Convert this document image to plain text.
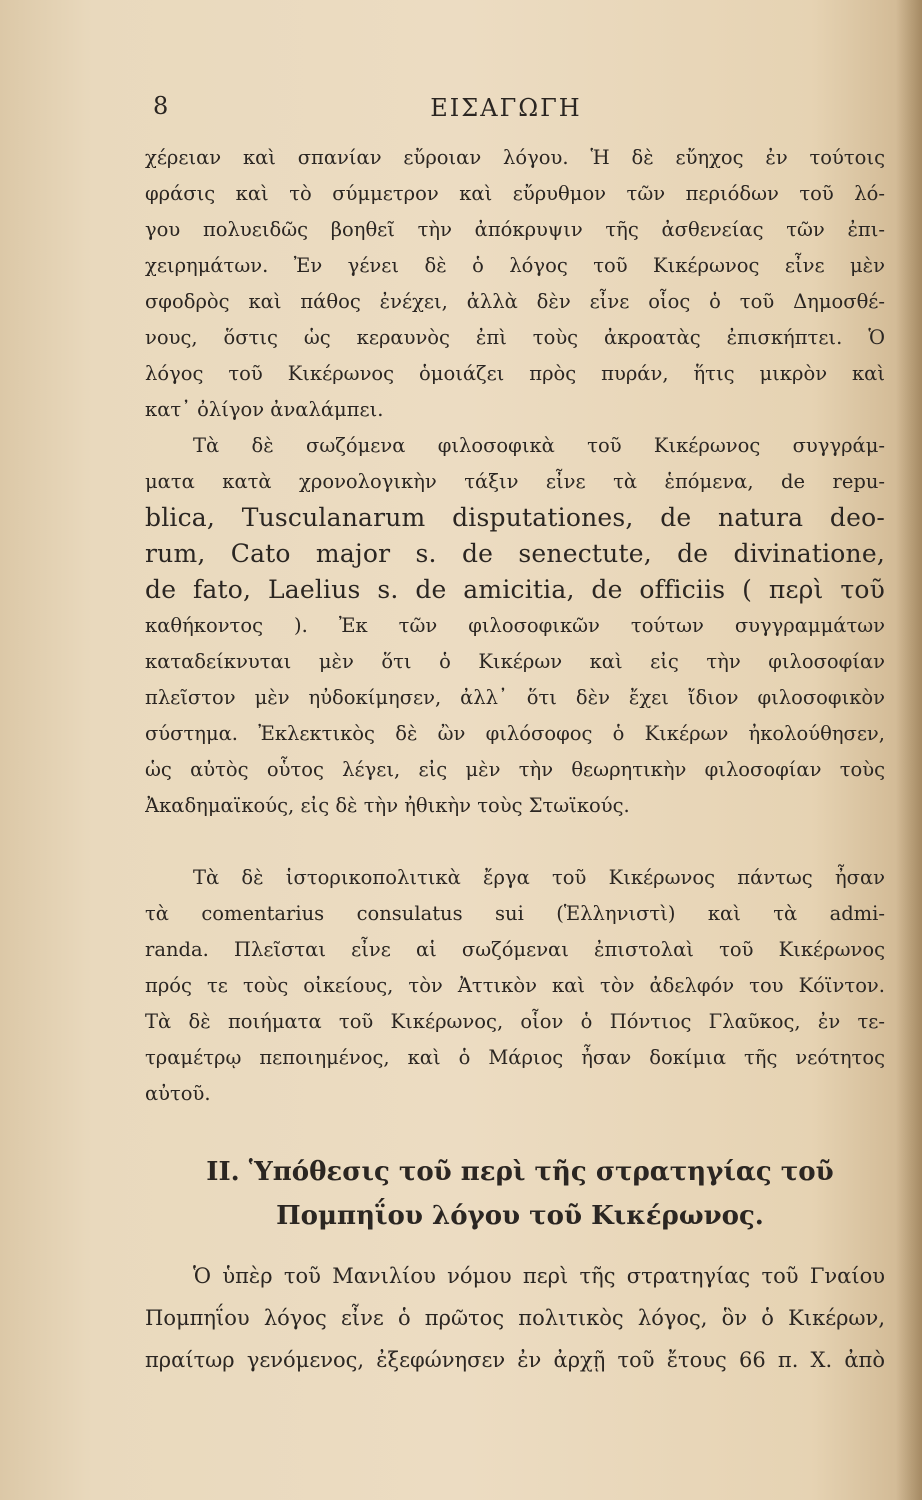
8	ΕΙΣΑΓΩΓΗ
χέρειαν καὶ σπανίαν εὔροιαν λόγου. Ἡ δὲ εὔηχος ἐν τούτοις
φράσις καὶ τὸ σύμμετρον καὶ εὔρυθμον τῶν περιόδων τοῦ λό-
γου πολυειδῶς βοηθεῖ τὴν ἀπόκρυψιν τῆς ἀσθενείας τῶν ἐπι-
χειρημάτων. Ἐν γένει δὲ ὁ λόγος τοῦ Κικέρωνος εἶνε μὲν
σφοδρὸς καὶ πάθος ἐνέχει, ἀλλὰ δὲν εἶνε οἷος ὁ τοῦ Δημοσθέ-
νους, ὅστις ὡς κεραυνὸς ἐπὶ τοὺς ἀκροατὰς ἐπισκήπτει. Ὁ
λόγος τοῦ Κικέρωνος ὁμοιάζει πρὸς πυράν, ἥτις μικρὸν καὶ
κατ᾽ ὀλίγον ἀναλάμπει.
Τὰ δὲ σωζόμενα φιλοσοφικὰ τοῦ Κικέρωνος συγγράμ-
ματα κατὰ χρονολογικὴν τάξιν εἶνε τὰ ἑπόμενα, de repu-
blica, Tusculanarum disputationes, de natura deo-
rum, Cato major s. de senectute, de divinatione,
de fato, Laelius s. de amicitia, de officiis ( περὶ τοῦ
καθήκοντος ). Ἐκ τῶν φιλοσοφικῶν τούτων συγγραμμάτων
καταδείκνυται μὲν ὅτι ὁ Κικέρων καὶ εἰς τὴν φιλοσοφίαν
πλεῖστον μὲν ηὐδοκίμησεν, ἀλλ᾽ ὅτι δὲν ἔχει ἴδιον φιλοσοφικὸν
σύστημα. Ἐκλεκτικὸς δὲ ὢν φιλόσοφος ὁ Κικέρων ἠκολούθησεν,
ὡς αὐτὸς οὗτος λέγει, εἰς μὲν τὴν θεωρητικὴν φιλοσοφίαν τοὺς
Ἀκαδημαϊκούς, εἰς δὲ τὴν ἠθικὴν τοὺς Στωϊκούς.
Τὰ δὲ ἱστορικοπολιτικὰ ἔργα τοῦ Κικέρωνος πάντως ἦσαν
τὰ comentarius consulatus sui (Ἑλληνιστὶ) καὶ τὰ admi-
randa. Πλεῖσται εἶνε αἱ σωζόμεναι ἐπιστολαὶ τοῦ Κικέρωνος
πρός τε τοὺς οἰκείους, τὸν Ἀττικὸν καὶ τὸν ἀδελφόν του Κόϊντον.
Τὰ δὲ ποιήματα τοῦ Κικέρωνος, οἷον ὁ Πόντιος Γλαῦκος, ἐν τε-
τραμέτρῳ πεποιημένος, καὶ ὁ Μάριος ἦσαν δοκίμια τῆς νεότητος
αὐτοῦ.
II. Ὑπόθεσις τοῦ περὶ τῆς στρατηγίας τοῦ
Πομπηΐου λόγου τοῦ Κικέρωνος.
Ὁ ὑπὲρ τοῦ Μανιλίου νόμου περὶ τῆς στρατηγίας τοῦ Γναίου
Πομπηΐου λόγος εἶνε ὁ πρῶτος πολιτικὸς λόγος, ὃν ὁ Κικέρων,
πραίτωρ γενόμενος, ἐξεφώνησεν ἐν ἀρχῇ τοῦ ἔτους 66 π. Χ. ἀπὸ
